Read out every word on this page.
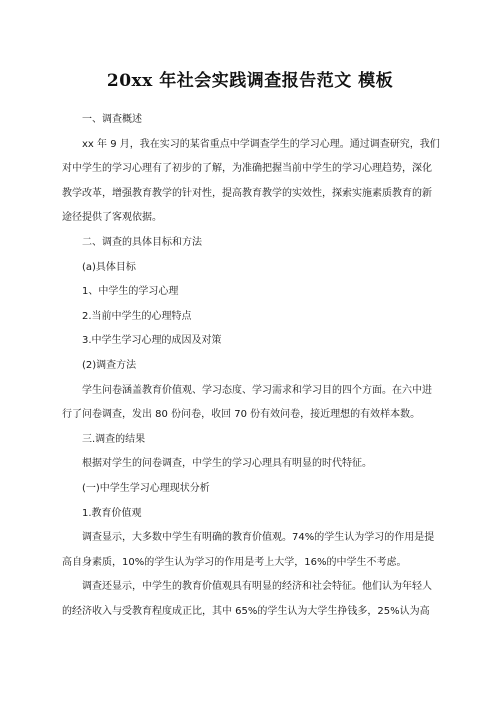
20xx 年社会实践调查报告范文 模板

一、调查概述

xx 年 9 月，我在实习的某省重点中学调查学生的学习心理。通过调查研究，我们对中学生的学习心理有了初步的了解，为准确把握当前中学生的学习心理趋势，深化教学改革，增强教育教学的针对性，提高教育教学的实效性，探索实施素质教育的新途径提供了客观依据。

二、调查的具体目标和方法

(a)具体目标

1、中学生的学习心理

2.当前中学生的心理特点

3.中学生学习心理的成因及对策

(2)调查方法

学生问卷涵盖教育价值观、学习态度、学习需求和学习目的四个方面。在六中进行了问卷调查，发出 80 份问卷，收回 70 份有效问卷，接近理想的有效样本数。

三.调查的结果

根据对学生的问卷调查，中学生的学习心理具有明显的时代特征。

(一)中学生学习心理现状分析

1.教育价值观

调查显示，大多数中学生有明确的教育价值观。74%的学生认为学习的作用是提高自身素质，10%的学生认为学习的作用是考上大学，16%的中学生不考虑。

调查还显示，中学生的教育价值观具有明显的经济和社会特征。他们认为年轻人的经济收入与受教育程度成正比，其中 65%的学生认为大学生挣钱多，25%认为高
